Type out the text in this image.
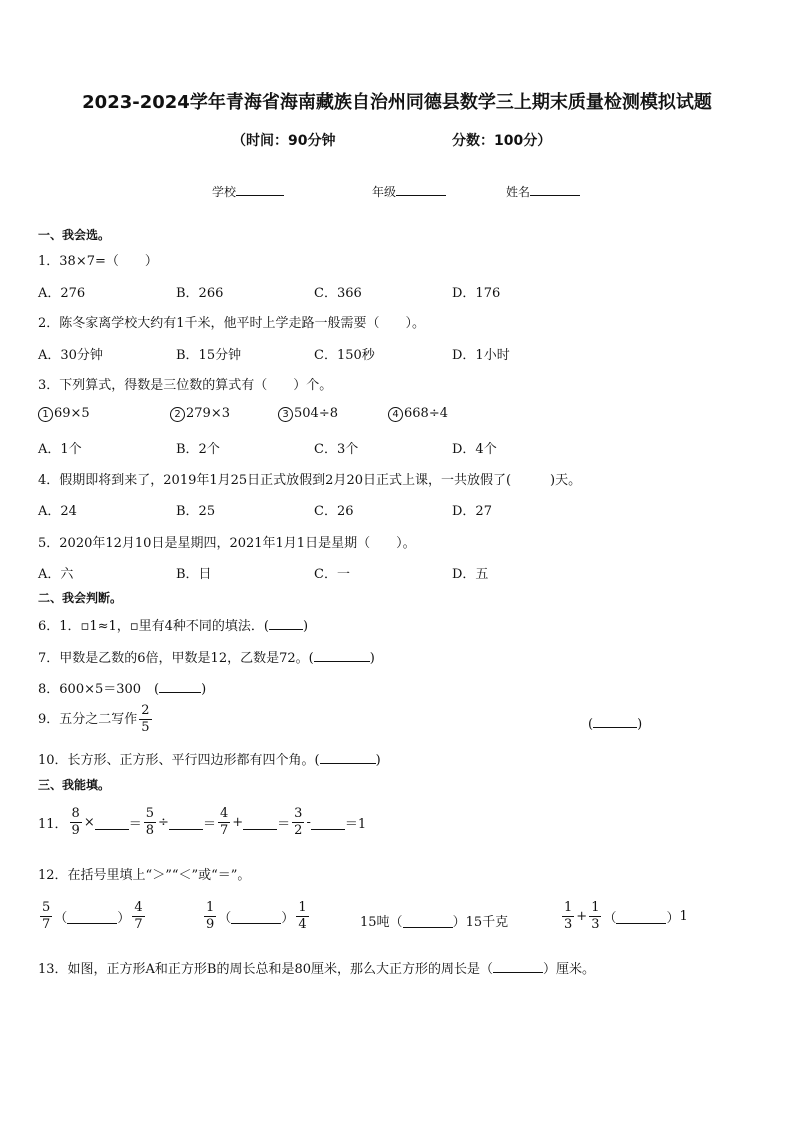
2023-2024学年青海省海南藏族自治州同德县数学三上期末质量检测模拟试题
（时间：90分钟	分数：100分）
学校	年级	姓名
一、我会选。
1．38×7=（　　）
A．276	B．266	C．366	D．176
2．陈冬家离学校大约有1千米，他平时上学走路一般需要（　　）。
A．30分钟	B．15分钟	C．150秒	D．1小时
3．下列算式，得数是三位数的算式有（　　）个。
1 69×5	2 279×3	3 504÷8	4 668÷4
A．1个	B．2个	C．3个	D．4个
4．假期即将到来了，2019年1月25日正式放假到2月20日正式上课，一共放假了(　　　)天。
A．24	B．25	C．26	D．27
5．2020年12月10日是星期四，2021年1月1日是星期（　　）。
A．六	B．日	C．一	D．五
二、我会判断。
6．1．▫1≈1，▫里有4种不同的填法．(	)
7．甲数是乙数的6倍，甲数是12，乙数是72。(	)
8．600×5＝300　(	)
9．五分之二写作 $\frac{2}{5}$	(	)
10．长方形、正方形、平行四边形都有四个角。(	)
三、我能填。
11． $\frac{8}{9}$ ×	＝ $\frac{5}{8}$ ÷	＝ $\frac{4}{7}$ +	＝ $\frac{3}{2}$ -	＝1
12．在括号里填上“＞”“＜”或“＝”。
$\frac{5}{7}$ （	） $\frac{4}{7}$	$\frac{1}{9}$ （	） $\frac{1}{4}$	15吨 （	） 15千克	$\frac{1}{3} + \frac{1}{3}$ （	） 1
13．如图，正方形A和正方形B的周长总和是80厘米，那么大正方形的周长是（	）厘米。
